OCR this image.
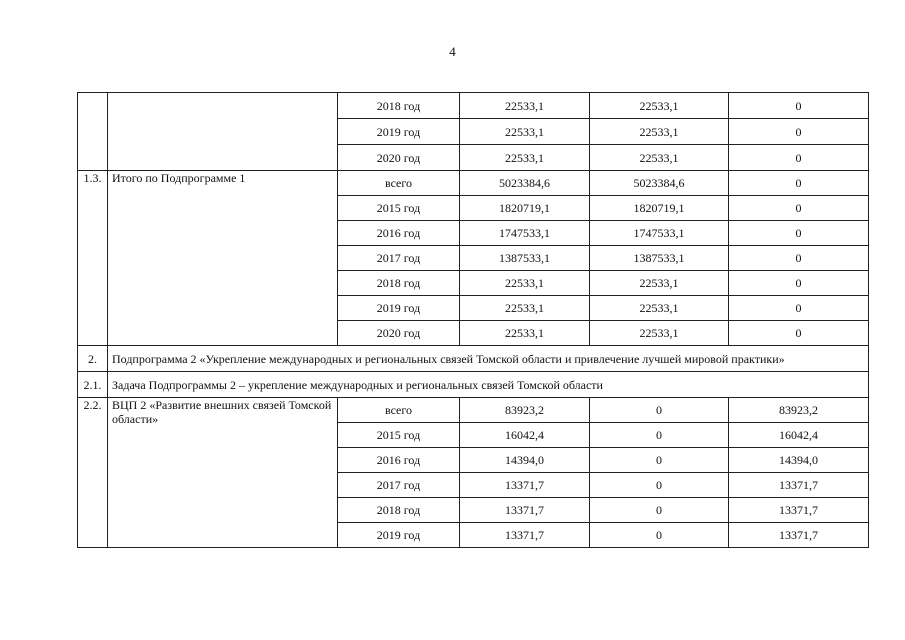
4
		2018 год	22533,1	22533,1	0
		2019 год	22533,1	22533,1	0
		2020 год	22533,1	22533,1	0
1.3.	Итого по Подпрограмме 1	всего	5023384,6	5023384,6	0
		2015 год	1820719,1	1820719,1	0
		2016 год	1747533,1	1747533,1	0
		2017 год	1387533,1	1387533,1	0
		2018 год	22533,1	22533,1	0
		2019 год	22533,1	22533,1	0
		2020 год	22533,1	22533,1	0
2.	Подпрограмма 2 «Укрепление международных и региональных связей Томской области и привлечение лучшей мировой практики»				
2.1.	Задача Подпрограммы 2 – укрепление международных и региональных связей Томской области				
2.2.	ВЦП 2 «Развитие внешних связей Томской области»	всего	83923,2	0	83923,2
		2015 год	16042,4	0	16042,4
		2016 год	14394,0	0	14394,0
		2017 год	13371,7	0	13371,7
		2018 год	13371,7	0	13371,7
		2019 год	13371,7	0	13371,7
